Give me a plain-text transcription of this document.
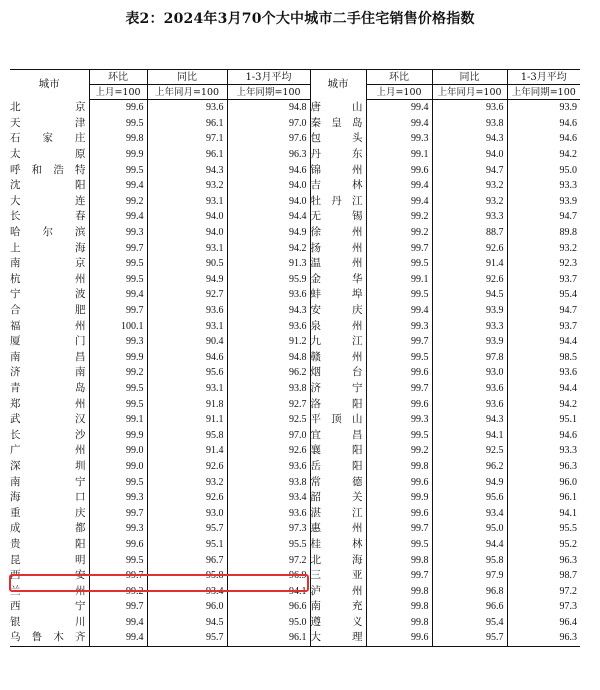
表2：2024年3月70个大中城市二手住宅销售价格指数
城市	环比	同比	1-3月平均	城市	环比	同比	1-3月平均
	上月=100	上年同月=100	上年同期=100		上月=100	上年同月=100	上年同期=100
北京	99.6	93.6	94.8	唐山	99.4	93.6	93.9
天津	99.5	96.1	97.0	秦皇岛	99.4	93.8	94.6
石家庄	99.8	97.1	97.6	包头	99.3	94.3	94.6
太原	99.9	96.1	96.3	丹东	99.1	94.0	94.2
呼和浩特	99.5	94.3	94.6	锦州	99.6	94.7	95.0
沈阳	99.4	93.2	94.0	吉林	99.4	93.2	93.3
大连	99.2	93.1	94.0	牡丹江	99.4	93.2	93.9
长春	99.4	94.0	94.4	无锡	99.2	93.3	94.7
哈尔滨	99.3	94.0	94.9	徐州	99.2	88.7	89.8
上海	99.7	93.1	94.2	扬州	99.7	92.6	93.2
南京	99.5	90.5	91.3	温州	99.5	91.4	92.3
杭州	99.5	94.9	95.9	金华	99.1	92.6	93.7
宁波	99.4	92.7	93.6	蚌埠	99.5	94.5	95.4
合肥	99.7	93.6	94.3	安庆	99.4	93.9	94.7
福州	100.1	93.1	93.6	泉州	99.3	93.3	93.7
厦门	99.3	90.4	91.2	九江	99.7	93.9	94.4
南昌	99.9	94.6	94.8	赣州	99.5	97.8	98.5
济南	99.2	95.6	96.2	烟台	99.6	93.0	93.6
青岛	99.5	93.1	93.8	济宁	99.7	93.6	94.4
郑州	99.5	91.8	92.7	洛阳	99.6	93.6	94.2
武汉	99.1	91.1	92.5	平顶山	99.3	94.3	95.1
长沙	99.9	95.8	97.0	宜昌	99.5	94.1	94.6
广州	99.0	91.4	92.6	襄阳	99.2	92.5	93.3
深圳	99.0	92.6	93.6	岳阳	99.8	96.2	96.3
南宁	99.5	93.2	93.8	常德	99.6	94.9	96.0
海口	99.3	92.6	93.4	韶关	99.9	95.6	96.1
重庆	99.7	93.0	93.6	湛江	99.6	93.4	94.1
成都	99.3	95.7	97.3	惠州	99.7	95.0	95.5
贵阳	99.6	95.1	95.5	桂林	99.5	94.4	95.2
昆明	99.5	96.7	97.2	北海	99.8	95.8	96.3
西安	99.7	95.8	96.9	三亚	99.7	97.9	98.7
兰州	99.2	93.4	94.1	泸州	99.8	96.8	97.2
西宁	99.7	96.0	96.6	南充	99.8	96.6	97.3
银川	99.4	94.5	95.0	遵义	99.8	95.4	96.4
乌鲁木齐	99.4	95.7	96.1	大理	99.6	95.7	96.3
